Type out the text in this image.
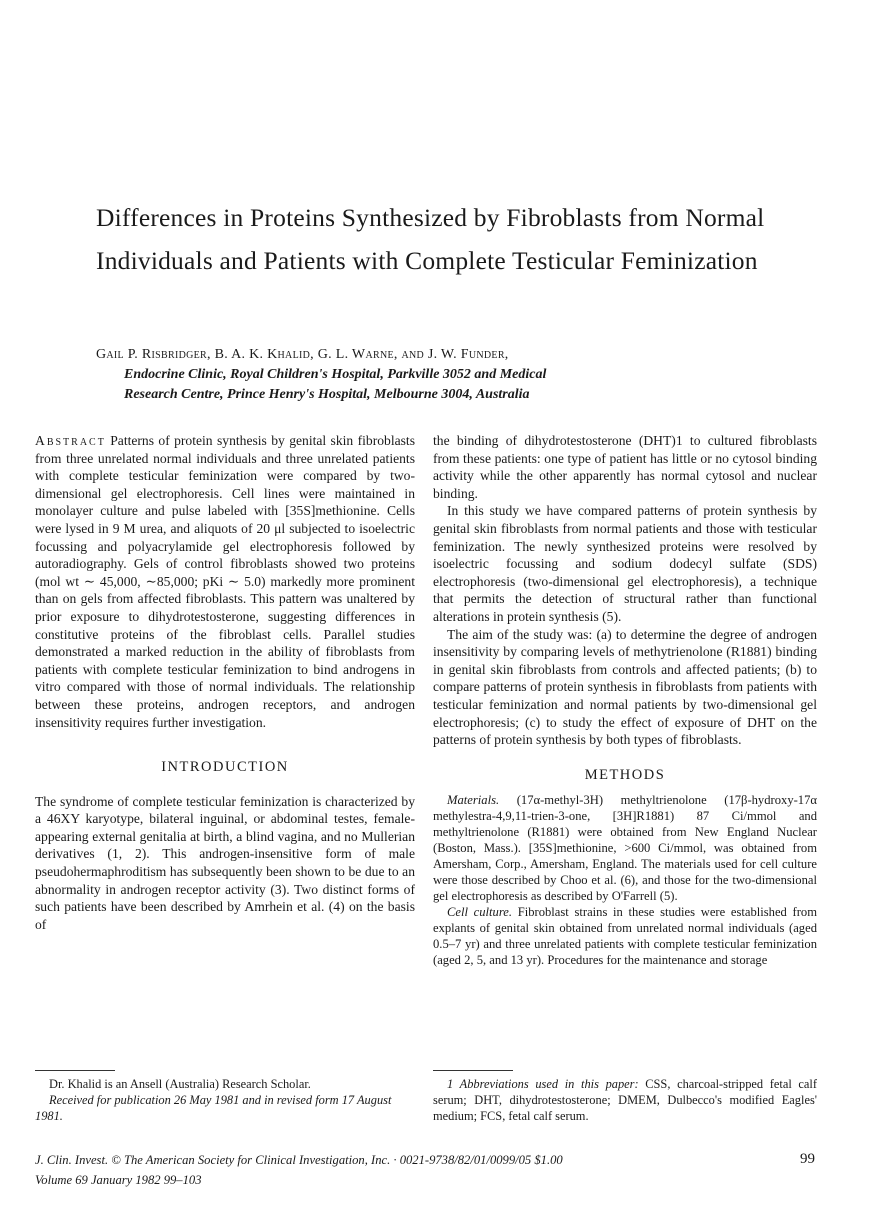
Differences in Proteins Synthesized by Fibroblasts from Normal Individuals and Patients with Complete Testicular Feminization
Gail P. Risbridger, B. A. K. Khalid, G. L. Warne, and J. W. Funder,
Endocrine Clinic, Royal Children's Hospital, Parkville 3052 and Medical
Research Centre, Prince Henry's Hospital, Melbourne 3004, Australia

Abstract Patterns of protein synthesis by genital skin fibroblasts from three unrelated normal individuals and three unrelated patients with complete testicular feminization were compared by two-dimensional gel electrophoresis. Cell lines were maintained in monolayer culture and pulse labeled with [35S]methionine. Cells were lysed in 9 M urea, and aliquots of 20 μl subjected to isoelectric focussing and polyacrylamide gel electrophoresis followed by autoradiography. Gels of control fibroblasts showed two proteins (mol wt ∼ 45,000, ∼85,000; pKi ∼ 5.0) markedly more prominent than on gels from affected fibroblasts. This pattern was unaltered by prior exposure to dihydrotestosterone, suggesting differences in constitutive proteins of the fibroblast cells. Parallel studies demonstrated a marked reduction in the ability of fibroblasts from patients with complete testicular feminization to bind androgens in vitro compared with those of normal individuals. The relationship between these proteins, androgen receptors, and androgen insensitivity requires further investigation.

INTRODUCTION

The syndrome of complete testicular feminization is characterized by a 46XY karyotype, bilateral inguinal, or abdominal testes, female-appearing external genitalia at birth, a blind vagina, and no Mullerian derivatives (1, 2). This androgen-insensitive form of male pseudohermaphroditism has subsequently been shown to be due to an abnormality in androgen receptor activity (3). Two distinct forms of such patients have been described by Amrhein et al. (4) on the basis of

the binding of dihydrotestosterone (DHT)1 to cultured fibroblasts from these patients: one type of patient has little or no cytosol binding activity while the other apparently has normal cytosol and nuclear binding.

In this study we have compared patterns of protein synthesis by genital skin fibroblasts from normal patients and those with testicular feminization. The newly synthesized proteins were resolved by isoelectric focussing and sodium dodecyl sulfate (SDS) electrophoresis (two-dimensional gel electrophoresis), a technique that permits the detection of structural rather than functional alterations in protein synthesis (5).

The aim of the study was: (a) to determine the degree of androgen insensitivity by comparing levels of methytrienolone (R1881) binding in genital skin fibroblasts from controls and affected patients; (b) to compare patterns of protein synthesis in fibroblasts from patients with testicular feminization and normal patients by two-dimensional gel electrophoresis; (c) to study the effect of exposure of DHT on the patterns of protein synthesis by both types of fibroblasts.

METHODS

Materials. (17α-methyl-3H) methyltrienolone (17β-hydroxy-17α methylestra-4,9,11-trien-3-one, [3H]R1881) 87 Ci/mmol and methyltrienolone (R1881) were obtained from New England Nuclear (Boston, Mass.). [35S]methionine, >600 Ci/mmol, was obtained from Amersham, Corp., Amersham, England. The materials used for cell culture were those described by Choo et al. (6), and those for the two-dimensional gel electrophoresis as described by O'Farrell (5).

Cell culture. Fibroblast strains in these studies were established from explants of genital skin obtained from unrelated normal individuals (aged 0.5–7 yr) and three unrelated patients with complete testicular feminization (aged 2, 5, and 13 yr). Procedures for the maintenance and storage

Dr. Khalid is an Ansell (Australia) Research Scholar.
Received for publication 26 May 1981 and in revised form 17 August 1981.
1 Abbreviations used in this paper: CSS, charcoal-stripped fetal calf serum; DHT, dihydrotestosterone; DMEM, Dulbecco's modified Eagles' medium; FCS, fetal calf serum.
J. Clin. Invest. © The American Society for Clinical Investigation, Inc. · 0021-9738/82/01/0099/05 $1.00
Volume 69 January 1982 99–103
99
